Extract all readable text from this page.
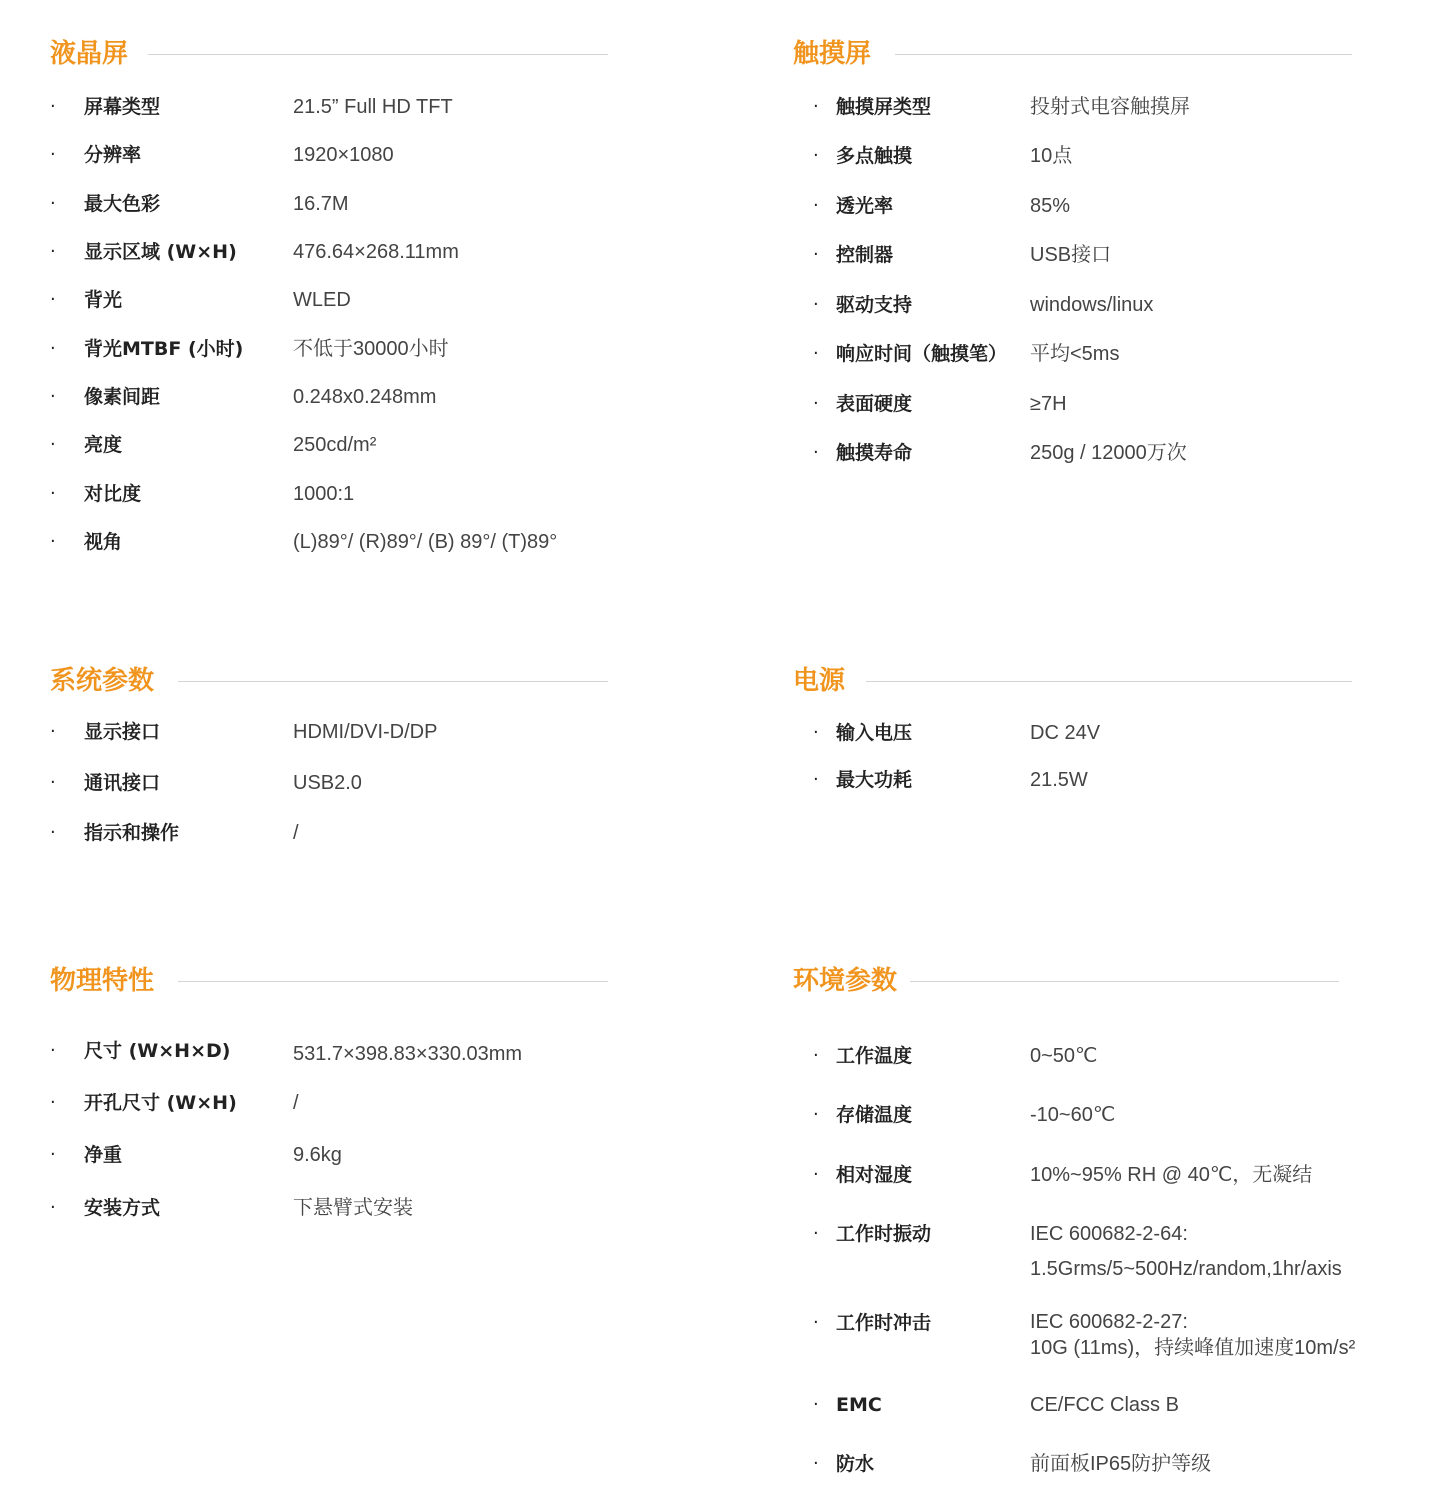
液晶屏
· 屏幕类型	21.5” Full HD TFT
· 分辨率	1920×1080
· 最大色彩	16.7M
· 显示区域 (W×H)	476.64×268.11mm
· 背光	WLED
· 背光MTBF (小时) 不低于30000小时
· 像素间距	0.248x0.248mm
· 亮度	250cd/m²
· 对比度	1000:1
· 视角	(L)89°/ (R)89°/ (B) 89°/ (T)89°
触摸屏
· 触摸屏类型	投射式电容触摸屏
· 多点触摸	10点
· 透光率	85%
· 控制器	USB接口
· 驱动支持	windows/linux
· 响应时间（触摸笔） 平均<5ms
· 表面硬度	≥7H
· 触摸寿命	250g / 12000万次
系统参数
· 显示接口	HDMI/DVI-D/DP
· 通讯接口	USB2.0
· 指示和操作	/
电源
· 输入电压	DC 24V
· 最大功耗	21.5W
物理特性
· 尺寸 (W×H×D)	531.7×398.83×330.03mm
· 开孔尺寸 (W×H)	/
· 净重	9.6kg
· 安装方式	下悬臂式安装
环境参数
· 工作温度	0~50℃
· 存储温度	-10~60℃
· 相对湿度	10%~95% RH @ 40℃，无凝结
· 工作时振动	IEC 600682-2-64:
1.5Grms/5~500Hz/random,1hr/axis
· 工作时冲击	IEC 600682-2-27:
10G (11ms)，持续峰值加速度10m/s²
· EMC	CE/FCC Class B
· 防水	前面板IP65防护等级
